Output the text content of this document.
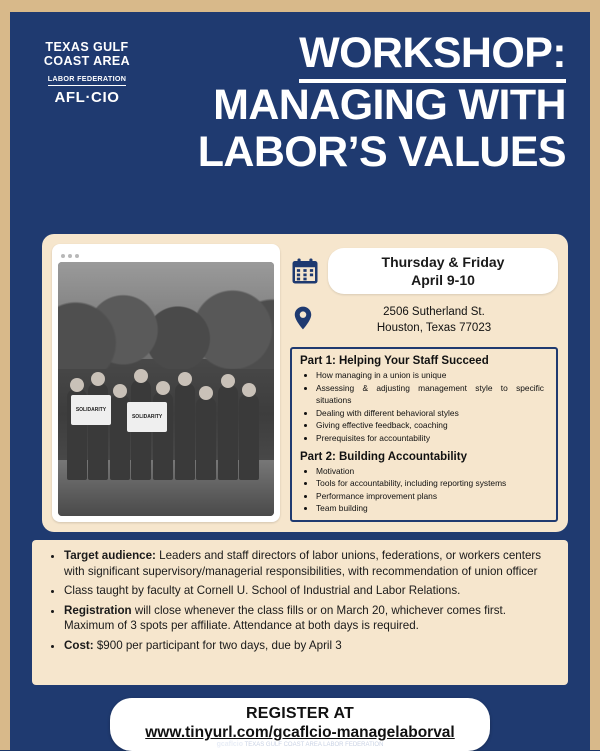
TEXAS GULF
COAST AREA
LABOR FEDERATION
AFL·CIO
WORKSHOP:
MANAGING WITH
LABOR’S VALUES
SOLIDARITY
SOLIDARITY
Thursday & Friday
April 9-10
2506 Sutherland St.
Houston, Texas 77023
Part 1: Helping Your Staff Succeed
• How managing in a union is unique
• Assessing & adjusting management style to specific situations
• Dealing with different behavioral styles
• Giving effective feedback, coaching
• Prerequisites for accountability
Part 2: Building Accountability
• Motivation
• Tools for accountability, including reporting systems
• Performance improvement plans
• Team building
• Target audience: Leaders and staff directors of labor unions, federations, or workers centers with significant supervisory/managerial responsibilities, with recommendation of union officer
• Class taught by faculty at Cornell U. School of Industrial and Labor Relations.
• Registration will close whenever the class fills or on March 20, whichever comes first. Maximum of 3 spots per affiliate. Attendance at both days is required.
• Cost: $900 per participant for two days, due by April 3
REGISTER AT
www.tinyurl.com/gcaflcio-managelaborval
gcaflcio TEXAS GULF COAST AREA LABOR FEDERATION
